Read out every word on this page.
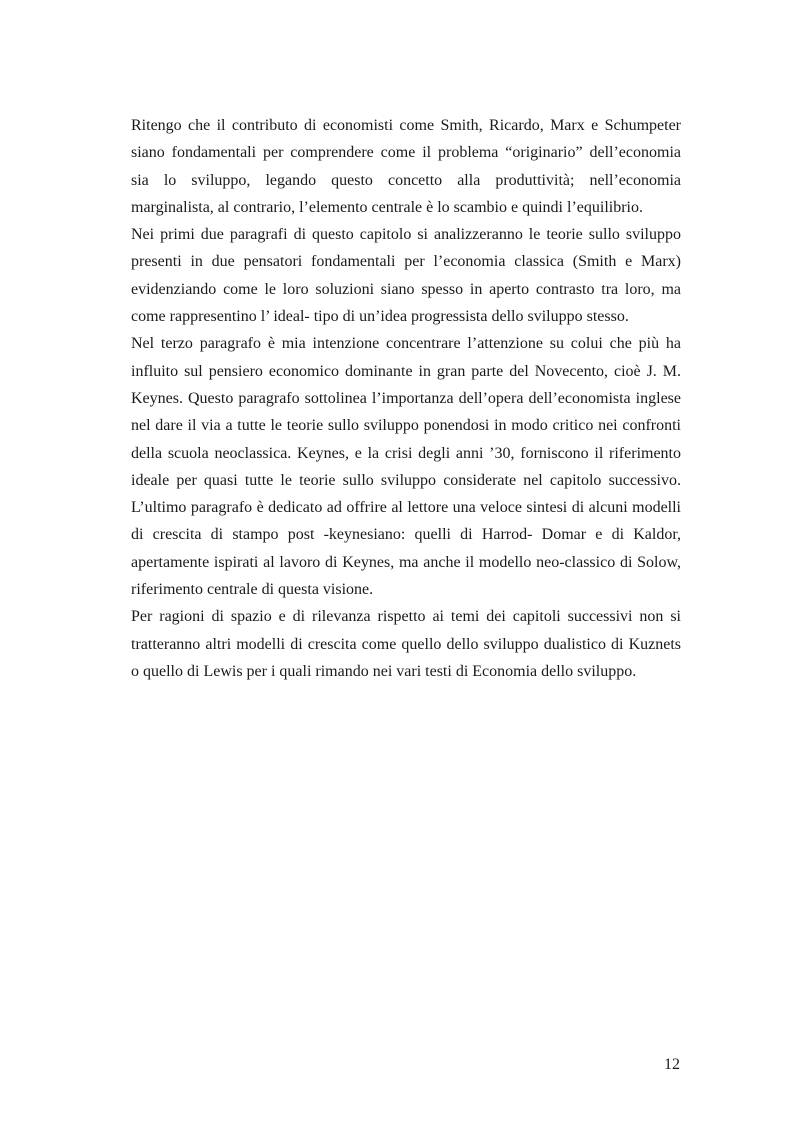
Ritengo che il contributo di economisti come Smith, Ricardo, Marx e Schumpeter
siano fondamentali per comprendere come il problema “originario” dell’economia
sia lo sviluppo, legando questo concetto alla produttività; nell’economia
marginalista, al contrario, l’elemento centrale è lo scambio e quindi l’equilibrio.
Nei primi due paragrafi di questo capitolo si analizzeranno le teorie sullo sviluppo
presenti in due pensatori fondamentali per l’economia classica (Smith e Marx)
evidenziando come le loro soluzioni siano spesso in aperto contrasto tra loro, ma
come rappresentino l’ ideal- tipo di un’idea progressista dello sviluppo stesso.
Nel terzo paragrafo è mia intenzione concentrare l’attenzione su colui che più ha
influito sul pensiero economico dominante in gran parte del Novecento, cioè J. M.
Keynes. Questo paragrafo sottolinea l’importanza dell’opera dell’economista inglese
nel dare il via a tutte le teorie sullo sviluppo ponendosi in modo critico nei confronti
della scuola neoclassica. Keynes, e la crisi degli anni ’30, forniscono il riferimento
ideale per quasi tutte le teorie sullo sviluppo considerate nel capitolo successivo.
L’ultimo paragrafo è dedicato ad offrire al lettore una veloce sintesi di alcuni modelli
di crescita di stampo post -keynesiano: quelli di Harrod- Domar e di Kaldor,
apertamente ispirati al lavoro di Keynes, ma anche il modello neo-classico di Solow,
riferimento centrale di questa visione.
Per ragioni di spazio e di rilevanza rispetto ai temi dei capitoli successivi non si
tratteranno altri modelli di crescita come quello dello sviluppo dualistico di Kuznets
o quello di Lewis per i quali rimando nei vari testi di Economia dello sviluppo.
12
